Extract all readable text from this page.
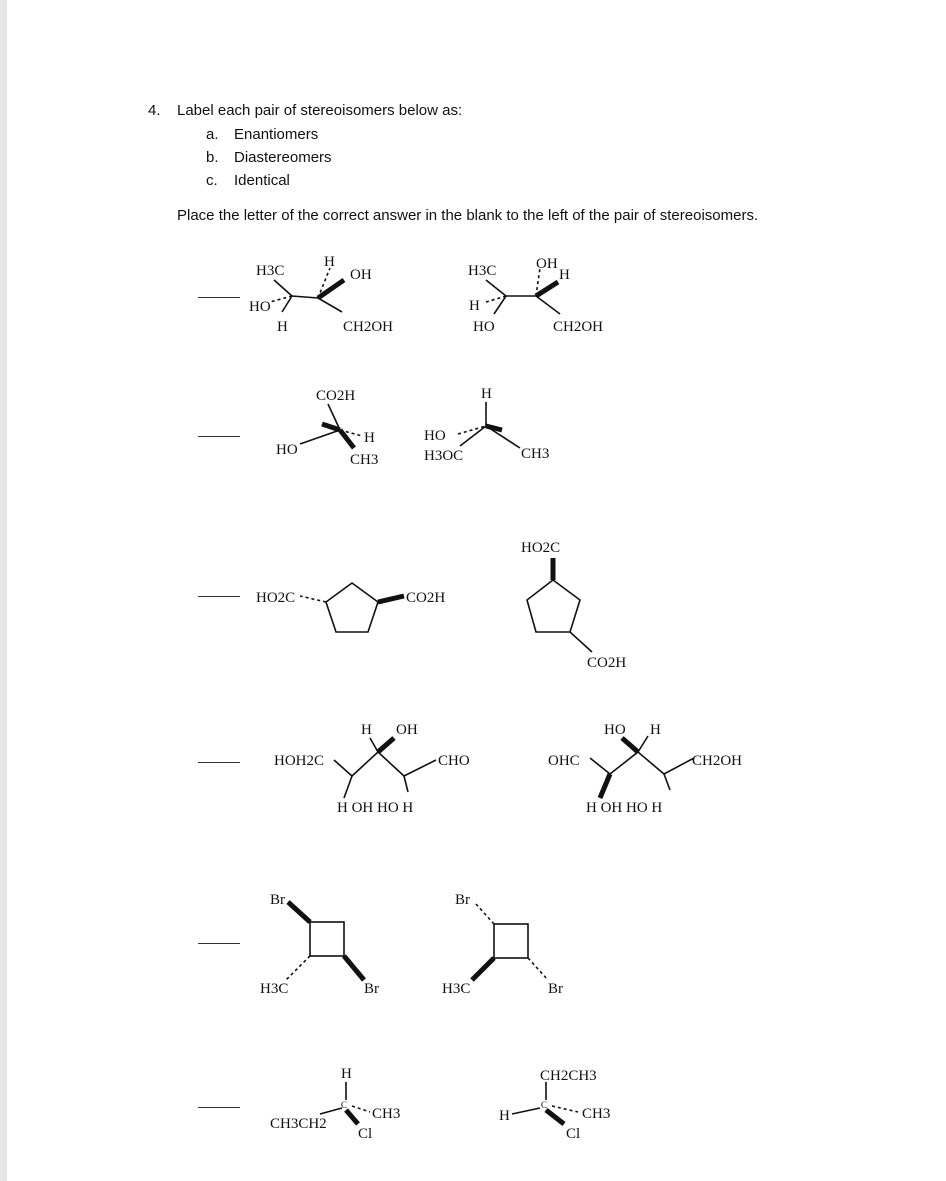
4. Label each pair of stereoisomers below as:
a. Enantiomers
b. Diastereomers
c. Identical
Place the letter of the correct answer in the blank to the left of the pair of stereoisomers.
H3C
H
OH
HO
H	CH2OH
H3C	OH
H
H
HO	CH2OH
CO2H
HO
H
CH3
H
HO
H3OC	CH3
HO2C	CO2H
HO2C
CO2H
H OH
HOH2C	CHO
H OH HO H
HO H
OHC	CH2OH
H OH HO H
Br
H3C	Br
Br
H3C	Br
H
C
CH3CH2
CH3
Cl
CH2CH3
H
C
CH3
Cl
